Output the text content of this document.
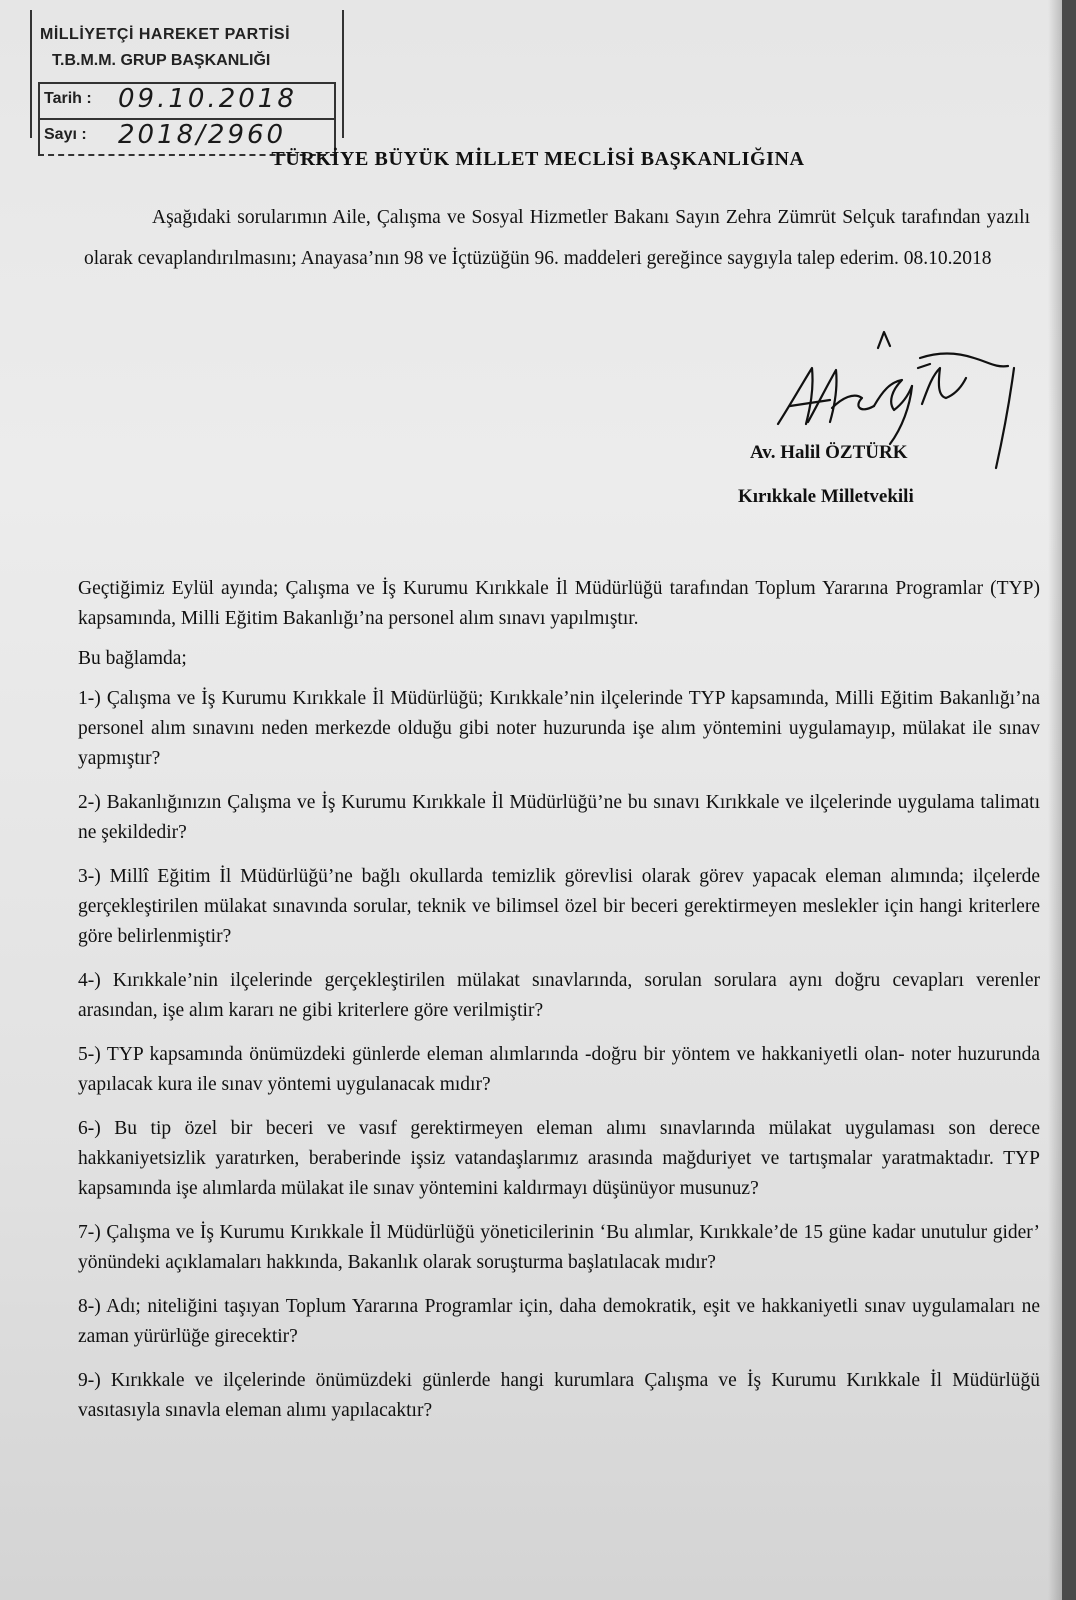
MİLLİYETÇİ HAREKET PARTİSİ
T.B.M.M. GRUP BAŞKANLIĞI
Tarih : 09.10.2018
Sayı : 2018/2960
TÜRKİYE BÜYÜK MİLLET MECLİSİ BAŞKANLIĞINA

Aşağıdaki sorularımın Aile, Çalışma ve Sosyal Hizmetler Bakanı Sayın Zehra Zümrüt Selçuk tarafından yazılı olarak cevaplandırılmasını; Anayasa’nın 98 ve İçtüzüğün 96. maddeleri gereğince saygıyla talep ederim. 08.10.2018

Av. Halil ÖZTÜRK
Kırıkkale Milletvekili

Geçtiğimiz Eylül ayında; Çalışma ve İş Kurumu Kırıkkale İl Müdürlüğü tarafından Toplum Yararına Programlar (TYP) kapsamında, Milli Eğitim Bakanlığı’na personel alım sınavı yapılmıştır.

Bu bağlamda;

1-) Çalışma ve İş Kurumu Kırıkkale İl Müdürlüğü; Kırıkkale’nin ilçelerinde TYP kapsamında, Milli Eğitim Bakanlığı’na personel alım sınavını neden merkezde olduğu gibi noter huzurunda işe alım yöntemini uygulamayıp, mülakat ile sınav yapmıştır?

2-) Bakanlığınızın Çalışma ve İş Kurumu Kırıkkale İl Müdürlüğü’ne bu sınavı Kırıkkale ve ilçelerinde uygulama talimatı ne şekildedir?

3-) Millî Eğitim İl Müdürlüğü’ne bağlı okullarda temizlik görevlisi olarak görev yapacak eleman alımında; ilçelerde gerçekleştirilen mülakat sınavında sorular, teknik ve bilimsel özel bir beceri gerektirmeyen meslekler için hangi kriterlere göre belirlenmiştir?

4-) Kırıkkale’nin ilçelerinde gerçekleştirilen mülakat sınavlarında, sorulan sorulara aynı doğru cevapları verenler arasından, işe alım kararı ne gibi kriterlere göre verilmiştir?

5-) TYP kapsamında önümüzdeki günlerde eleman alımlarında -doğru bir yöntem ve hakkaniyetli olan- noter huzurunda yapılacak kura ile sınav yöntemi uygulanacak mıdır?

6-) Bu tip özel bir beceri ve vasıf gerektirmeyen eleman alımı sınavlarında mülakat uygulaması son derece hakkaniyetsizlik yaratırken, beraberinde işsiz vatandaşlarımız arasında mağduriyet ve tartışmalar yaratmaktadır. TYP kapsamında işe alımlarda mülakat ile sınav yöntemini kaldırmayı düşünüyor musunuz?

7-) Çalışma ve İş Kurumu Kırıkkale İl Müdürlüğü yöneticilerinin ‘Bu alımlar, Kırıkkale’de 15 güne kadar unutulur gider’ yönündeki açıklamaları hakkında, Bakanlık olarak soruşturma başlatılacak mıdır?

8-) Adı; niteliğini taşıyan Toplum Yararına Programlar için, daha demokratik, eşit ve hakkaniyetli sınav uygulamaları ne zaman yürürlüğe girecektir?

9-) Kırıkkale ve ilçelerinde önümüzdeki günlerde hangi kurumlara Çalışma ve İş Kurumu Kırıkkale İl Müdürlüğü vasıtasıyla sınavla eleman alımı yapılacaktır?
